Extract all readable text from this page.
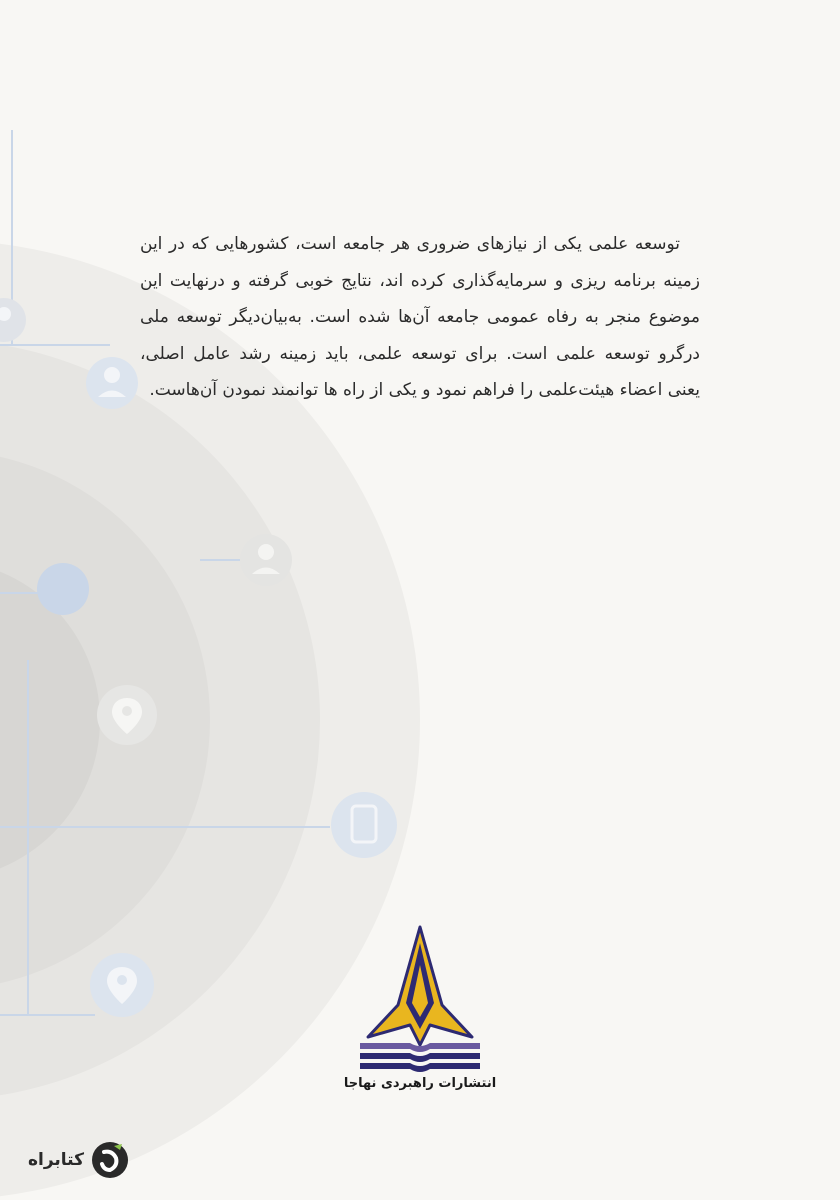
توسعه علمی یکی از نیازهای ضروری هر جامعه است، کشورهایی که در این زمینه برنامه ریزی و سرمایه‌گذاری کرده اند، نتایج خوبی گرفته و درنهایت این موضوع منجر به رفاه عمومی جامعه آن‌ها شده است. به‌بیان‌دیگر توسعه ملی درگرو توسعه علمی است. برای توسعه علمی، باید زمینه رشد عامل اصلی، یعنی اعضاء هیئت‌علمی را فراهم نمود و یکی از راه ها توانمند نمودن آن‌هاست.
انتشارات راهبردی نهاجا
کتابراه
